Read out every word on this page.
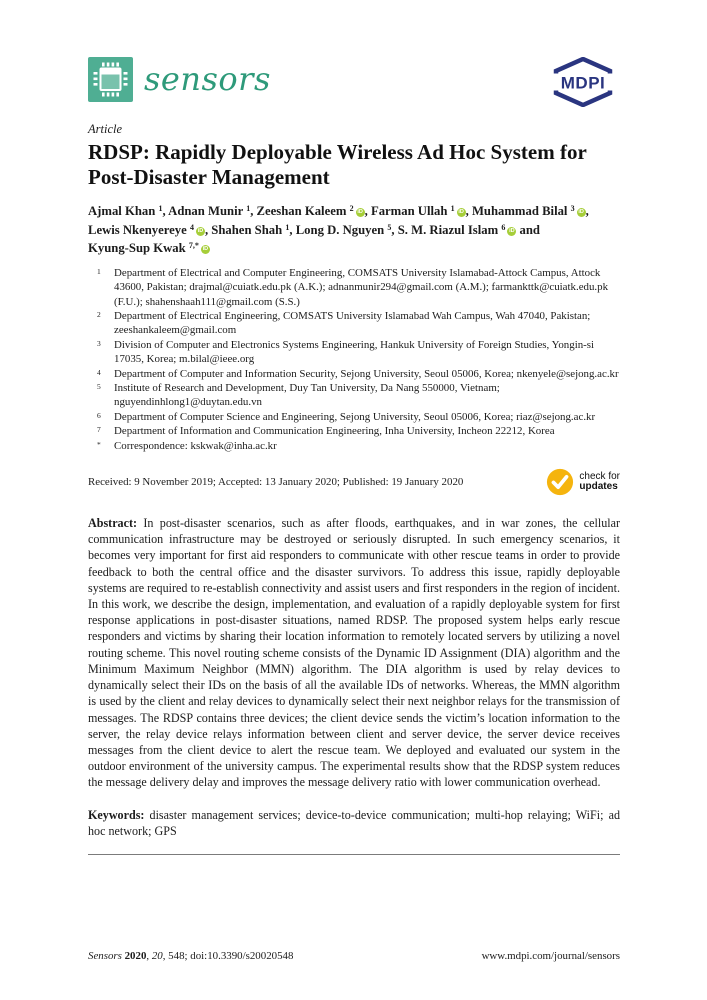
sensors	MDPI
Article
RDSP: Rapidly Deployable Wireless Ad Hoc System for Post-Disaster Management
Ajmal Khan $^1$, Adnan Munir $^1$, Zeeshan Kaleem $^2$ iD , Farman Ullah $^1$ iD , Muhammad Bilal $^3$ iD ,
Lewis Nkenyereye $^4$ iD , Shahen Shah $^1$, Long D. Nguyen $^5$, S. M. Riazul Islam $^6$ iD and
Kyung-Sup Kwak $^{7,*}$ iD
1	Department of Electrical and Computer Engineering, COMSATS University Islamabad-Attock Campus, Attock 43600, Pakistan; drajmal@cuiatk.edu.pk (A.K.); adnanmunir294@gmail.com (A.M.); farmankttk@cuiatk.edu.pk (F.U.); shahenshaah111@gmail.com (S.S.)
2	Department of Electrical Engineering, COMSATS University Islamabad Wah Campus, Wah 47040, Pakistan; zeeshankaleem@gmail.com
3	Division of Computer and Electronics Systems Engineering, Hankuk University of Foreign Studies, Yongin-si 17035, Korea; m.bilal@ieee.org
4	Department of Computer and Information Security, Sejong University, Seoul 05006, Korea; nkenyele@sejong.ac.kr
5	Institute of Research and Development, Duy Tan University, Da Nang 550000, Vietnam; nguyendinhlong1@duytan.edu.vn
6	Department of Computer Science and Engineering, Sejong University, Seoul 05006, Korea; riaz@sejong.ac.kr
7	Department of Information and Communication Engineering, Inha University, Incheon 22212, Korea
*	Correspondence: kskwak@inha.ac.kr
Received: 9 November 2019; Accepted: 13 January 2020; Published: 19 January 2020	check for
updates

Abstract: In post-disaster scenarios, such as after floods, earthquakes, and in war zones, the cellular communication infrastructure may be destroyed or seriously disrupted. In such emergency scenarios, it becomes very important for first aid responders to communicate with other rescue teams in order to provide feedback to both the central office and the disaster survivors. To address this issue, rapidly deployable systems are required to re-establish connectivity and assist users and first responders in the region of incident. In this work, we describe the design, implementation, and evaluation of a rapidly deployable system for first response applications in post-disaster situations, named RDSP. The proposed system helps early rescue responders and victims by sharing their location information to remotely located servers by utilizing a novel routing scheme. This novel routing scheme consists of the Dynamic ID Assignment (DIA) algorithm and the Minimum Maximum Neighbor (MMN) algorithm. The DIA algorithm is used by relay devices to dynamically select their IDs on the basis of all the available IDs of networks. Whereas, the MMN algorithm is used by the client and relay devices to dynamically select their next neighbor relays for the transmission of messages. The RDSP contains three devices; the client device sends the victim’s location information to the server, the relay device relays information between client and server device, the server device receives messages from the client device to alert the rescue team. We deployed and evaluated our system in the outdoor environment of the university campus. The experimental results show that the RDSP system reduces the message delivery delay and improves the message delivery ratio with lower communication overhead.

Keywords: disaster management services; device-to-device communication; multi-hop relaying; WiFi; ad hoc network; GPS

Sensors 2020, 20, 548; doi:10.3390/s20020548	www.mdpi.com/journal/sensors
